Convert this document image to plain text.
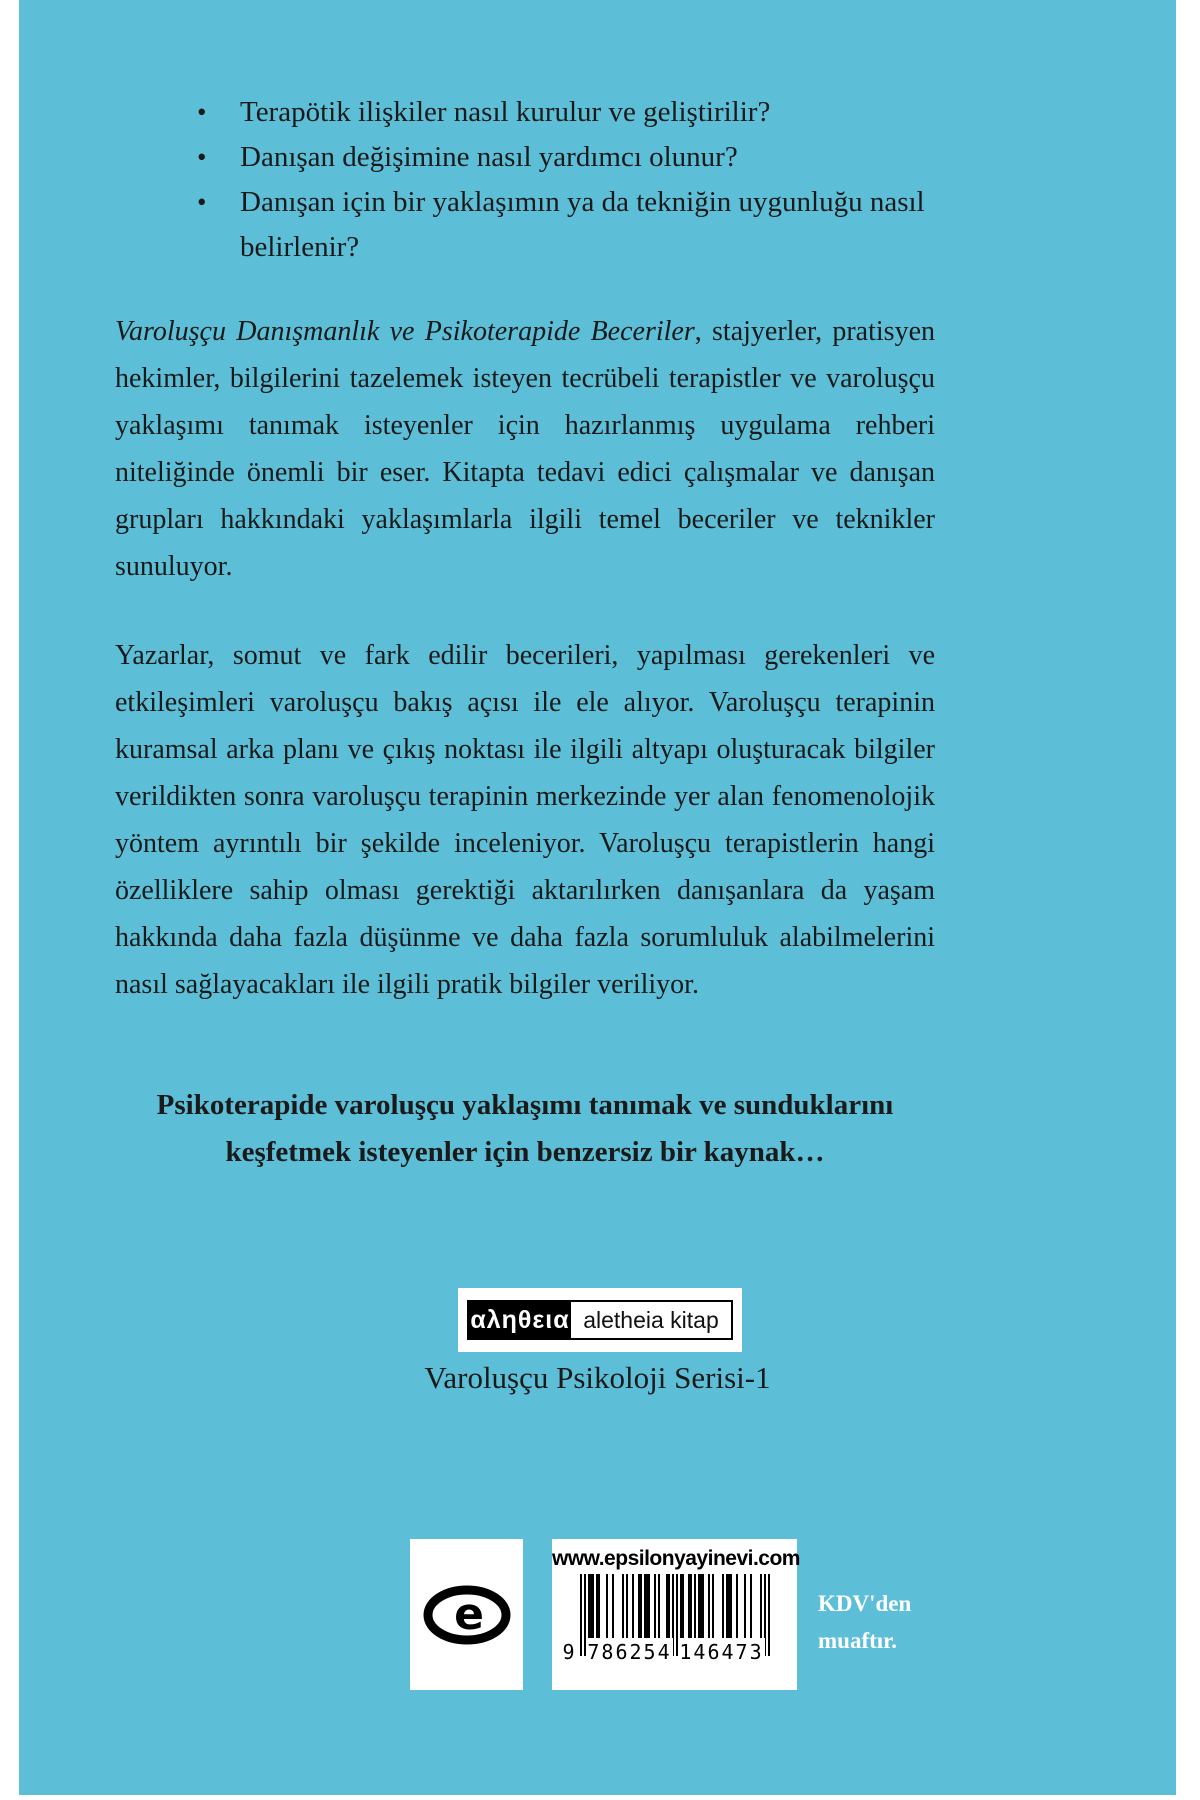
•	Terapötik ilişkiler nasıl kurulur ve geliştirilir?
•	Danışan değişimine nasıl yardımcı olunur?
•	Danışan için bir yaklaşımın ya da tekniğin uygunluğu nasıl belirlenir?

Varoluşçu Danışmanlık ve Psikoterapide Beceriler, stajyerler, pratisyen hekimler, bilgilerini tazelemek isteyen tecrübeli terapistler ve varoluşçu yaklaşımı tanımak isteyenler için hazırlanmış uygulama rehberi niteliğinde önemli bir eser. Kitapta tedavi edici çalışmalar ve danışan grupları hakkındaki yaklaşımlarla ilgili temel beceriler ve teknikler sunuluyor.

Yazarlar, somut ve fark edilir becerileri, yapılması gerekenleri ve etkileşimleri varoluşçu bakış açısı ile ele alıyor. Varoluşçu terapinin kuramsal arka planı ve çıkış noktası ile ilgili altyapı oluşturacak bilgiler verildikten sonra varoluşçu terapinin merkezinde yer alan fenomenolojik yöntem ayrıntılı bir şekilde inceleniyor. Varoluşçu terapistlerin hangi özelliklere sahip olması gerektiği aktarılırken danışanlara da yaşam hakkında daha fazla düşünme ve daha fazla sorumluluk alabilmelerini nasıl sağlayacakları ile ilgili pratik bilgiler veriliyor.

Psikoterapide varoluşçu yaklaşımı tanımak ve sunduklarını
keşfetmek isteyenler için benzersiz bir kaynak…
αληθεια aletheia kitap
Varoluşçu Psikoloji Serisi-1
e
www.epsilonyayinevi.com
9 786254 146473
KDV'den
muaftır.
